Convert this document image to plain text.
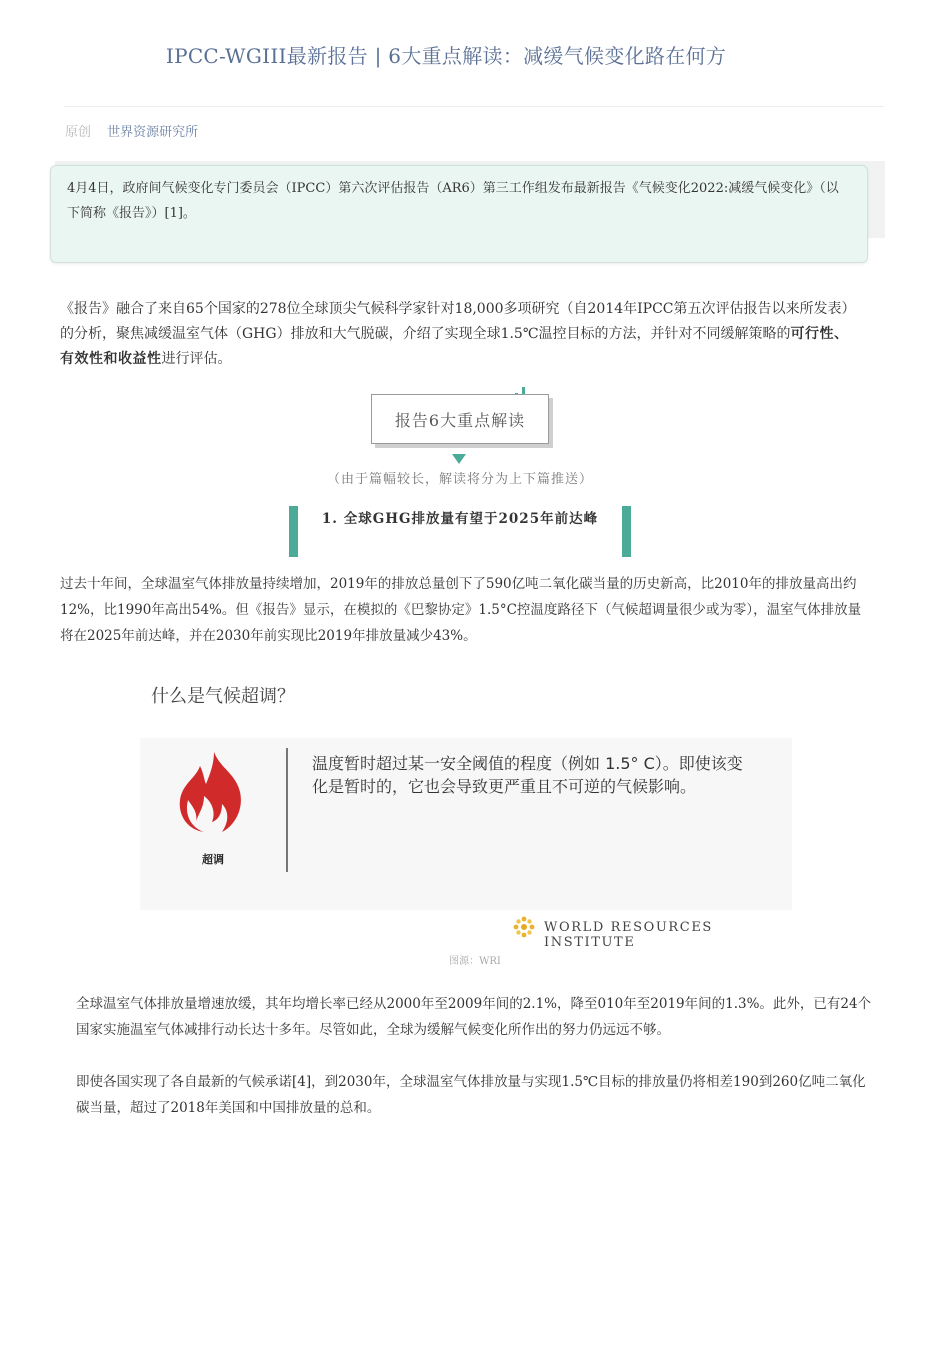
IPCC-WGIII最新报告 | 6大重点解读：减缓气候变化路在何方
原创 世界资源研究所
4月4日，政府间气候变化专门委员会（IPCC）第六次评估报告（AR6）第三工作组发布最新报告《气候变化2022:减缓气候变化》（以下简称《报告》）[1]。

《报告》融合了来自65个国家的278位全球顶尖气候科学家针对18,000多项研究（自2014年IPCC第五次评估报告以来所发表）的分析，聚焦减缓温室气体（GHG）排放和大气脱碳，介绍了实现全球1.5℃温控目标的方法，并针对不同缓解策略的可行性、有效性和收益性进行评估。

报告6大重点解读
（由于篇幅较长，解读将分为上下篇推送）
1. 全球GHG排放量有望于2025年前达峰

过去十年间，全球温室气体排放量持续增加，2019年的排放总量创下了590亿吨二氧化碳当量的历史新高，比2010年的排放量高出约12%，比1990年高出54%。但《报告》显示，在模拟的《巴黎协定》1.5°C控温度路径下（气候超调量很少或为零），温室气体排放量将在2025年前达峰，并在2030年前实现比2019年排放量减少43%。

什么是气候超调？
超调
温度暂时超过某一安全阈值的程度（例如 1.5° C）。即使该变化是暂时的，它也会导致更严重且不可逆的气候影响。
WORLD RESOURCES INSTITUTE
图源：WRI

全球温室气体排放量增速放缓，其年均增长率已经从2000年至2009年间的2.1%，降至010年至2019年间的1.3%。此外，已有24个国家实施温室气体减排行动长达十多年。尽管如此，全球为缓解气候变化所作出的努力仍远远不够。

即使各国实现了各自最新的气候承诺[4]，到2030年，全球温室气体排放量与实现1.5℃目标的排放量仍将相差190到260亿吨二氧化碳当量，超过了2018年美国和中国排放量的总和。
